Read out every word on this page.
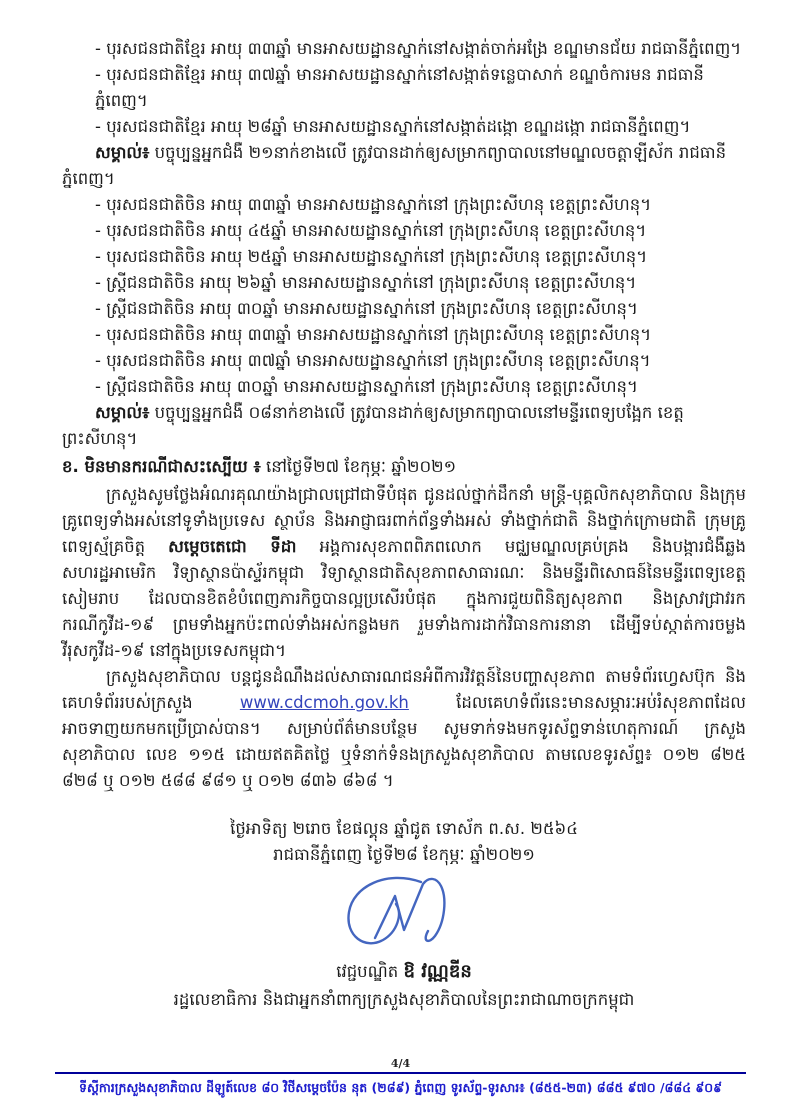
- បុរសជនជាតិខ្មែរ អាយុ ៣៣ឆ្នាំ មានអាសយដ្ឋានស្នាក់នៅសង្កាត់ចាក់អង្រែ ខណ្ឌមានជ័យ រាជធានីភ្នំពេញ។
- បុរសជនជាតិខ្មែរ អាយុ ៣៧ឆ្នាំ មានអាសយដ្ឋានស្នាក់នៅសង្កាត់ទន្លេបាសាក់ ខណ្ឌចំការមន រាជធានីភ្នំពេញ។
- បុរសជនជាតិខ្មែរ អាយុ ២៨ឆ្នាំ មានអាសយដ្ឋានស្នាក់នៅសង្កាត់ដង្កោ ខណ្ឌដង្កោ រាជធានីភ្នំពេញ។

សម្គាល់៖ បច្ចុប្បន្នអ្នកជំងឺ ២១នាក់ខាងលើ ត្រូវបានដាក់ឲ្យសម្រាកព្យាបាលនៅមណ្ឌលចត្តាឡីស័ក រាជធានីភ្នំពេញ។

- បុរសជនជាតិចិន អាយុ ៣៣ឆ្នាំ មានអាសយដ្ឋានស្នាក់នៅ ក្រុងព្រះសីហនុ ខេត្តព្រះសីហនុ។
- បុរសជនជាតិចិន អាយុ ៤៥ឆ្នាំ មានអាសយដ្ឋានស្នាក់នៅ ក្រុងព្រះសីហនុ ខេត្តព្រះសីហនុ។
- បុរសជនជាតិចិន អាយុ ២៥ឆ្នាំ មានអាសយដ្ឋានស្នាក់នៅ ក្រុងព្រះសីហនុ ខេត្តព្រះសីហនុ។
- ស្ត្រីជនជាតិចិន អាយុ ២៦ឆ្នាំ មានអាសយដ្ឋានស្នាក់នៅ ក្រុងព្រះសីហនុ ខេត្តព្រះសីហនុ។
- ស្ត្រីជនជាតិចិន អាយុ ៣០ឆ្នាំ មានអាសយដ្ឋានស្នាក់នៅ ក្រុងព្រះសីហនុ ខេត្តព្រះសីហនុ។
- បុរសជនជាតិចិន អាយុ ៣៣ឆ្នាំ មានអាសយដ្ឋានស្នាក់នៅ ក្រុងព្រះសីហនុ ខេត្តព្រះសីហនុ។
- បុរសជនជាតិចិន អាយុ ៣៧ឆ្នាំ មានអាសយដ្ឋានស្នាក់នៅ ក្រុងព្រះសីហនុ ខេត្តព្រះសីហនុ។
- ស្ត្រីជនជាតិចិន អាយុ ៣០ឆ្នាំ មានអាសយដ្ឋានស្នាក់នៅ ក្រុងព្រះសីហនុ ខេត្តព្រះសីហនុ។

សម្គាល់៖ បច្ចុប្បន្នអ្នកជំងឺ ០៨នាក់ខាងលើ ត្រូវបានដាក់ឲ្យសម្រាកព្យាបាលនៅមន្ទីរពេទ្យបង្អែក ខេត្តព្រះសីហនុ។

ខ. មិនមានករណីជាសះស្បើយ ៖ នៅថ្ងៃទី២៧ ខែកុម្ភៈ ឆ្នាំ២០២១

ក្រសួងសូមថ្លែងអំណរគុណយ៉ាងជ្រាលជ្រៅជាទីបំផុត ជូនដល់ថ្នាក់ដឹកនាំ មន្ត្រី-បុគ្គលិកសុខាភិបាល និងក្រុមគ្រូពេទ្យទាំងអស់នៅទូទាំងប្រទេស ស្ថាប័ន និងអាជ្ញាធរពាក់ព័ន្ធទាំងអស់ ទាំងថ្នាក់ជាតិ និងថ្នាក់ក្រោមជាតិ ក្រុមគ្រូពេទ្យស្ម័គ្រចិត្ត សម្តេចតេជោ ទីដា អង្គការសុខភាពពិភពលោក មជ្ឈមណ្ឌលគ្រប់គ្រង និងបង្ការជំងឺឆ្លង សហរដ្ឋអាមេរិក វិទ្យាស្ថានប៉ាស្ទ័រកម្ពុជា វិទ្យាស្ថានជាតិសុខភាពសាធារណៈ និងមន្ទីរពិសោធន៍នៃមន្ទីរពេទ្យខេត្តសៀមរាប ដែលបានខិតខំបំពេញភារកិច្ចបានល្អប្រសើរបំផុត ក្នុងការជួយពិនិត្យសុខភាព និងស្រាវជ្រាវរកករណីកូវីដ-១៩ ព្រមទាំងអ្នកប៉ះពាល់ទាំងអស់កន្លងមក រួមទាំងការដាក់វិធានការនានា ដើម្បីទប់ស្កាត់ការចម្លងវីរុសកូវីដ-១៩ នៅក្នុងប្រទេសកម្ពុជា។

ក្រសួងសុខាភិបាល បន្តជូនដំណឹងដល់សាធារណជនអំពីការវិវត្តន៍នៃបញ្ហាសុខភាព តាមទំព័រហ្វេសប៊ុក និងគេហទំព័ររបស់ក្រសួង www.cdcmoh.gov.kh ដែលគេហទំព័រនេះមានសម្ភារៈអប់រំសុខភាពដែលអាចទាញយកមកប្រើប្រាស់បាន។ សម្រាប់ព័ត៌មានបន្ថែម សូមទាក់ទងមកទូរស័ព្ទទាន់ហេតុការណ៍ ក្រសួងសុខាភិបាល លេខ ១១៥ ដោយឥតគិតថ្លៃ ឬទំនាក់ទំនងក្រសួងសុខាភិបាល តាមលេខទូរស័ព្ទ៖ ០១២ ៨២៥ ៨២៨ ឬ ០១២ ៥៨៨ ៩៨១ ឬ ០១២ ៨៣៦ ៨៦៨ ។

ថ្ងៃអាទិត្យ ២រោច ខែផល្គុន ឆ្នាំជូត ទោស័ក ព.ស. ២៥៦៤
រាជធានីភ្នំពេញ ថ្ងៃទី២៨ ខែកុម្ភៈ ឆ្នាំ២០២១
វេជ្ជបណ្ឌិត ឱ វណ្ណឌីន
រដ្ឋលេខាធិការ និងជាអ្នកនាំពាក្យក្រសួងសុខាភិបាលនៃព្រះរាជាណាចក្រកម្ពុជា
4/4
ទីស្តីការក្រសួងសុខាភិបាល ដីឡូត៍លេខ ៨០ វិថីសម្តេចប៉ែន នុត (២៨៩) ភ្នំពេញ ទូរស័ព្ទ-ទូរសារ៖ (៨៥៥-២៣) ៨៨៥ ៩៧០ /៨៨៤ ៩០៩
